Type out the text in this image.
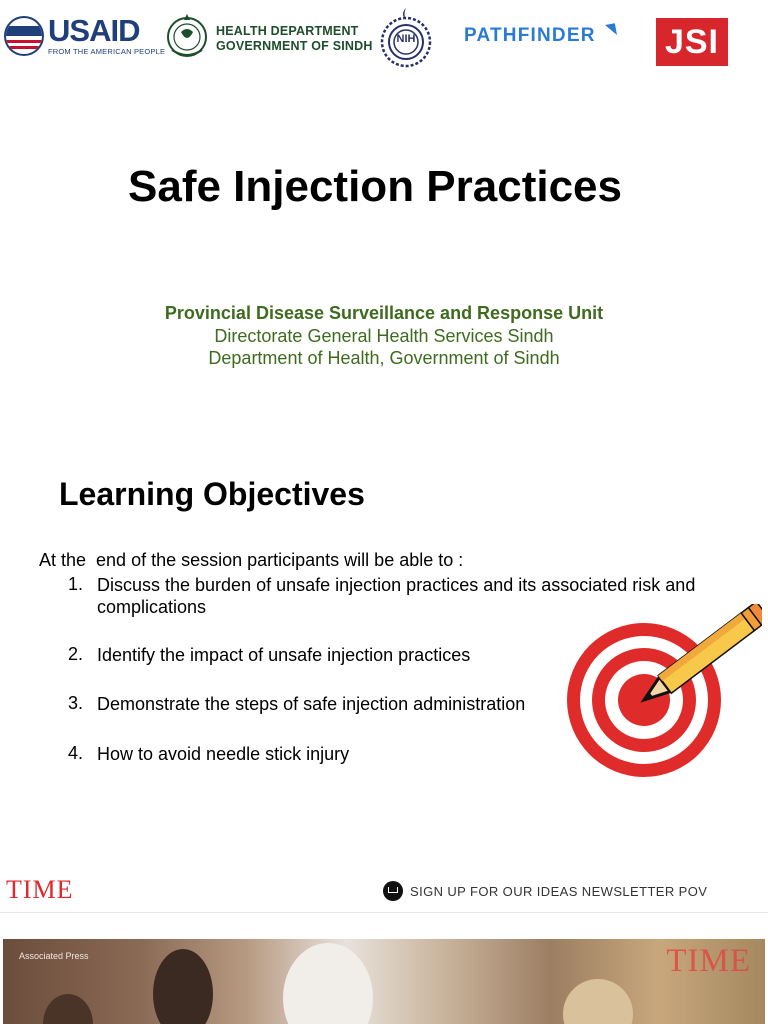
USAID
FROM THE AMERICAN PEOPLE
HEALTH DEPARTMENT
GOVERNMENT OF SINDH	NIH	PATHFINDER JSI
Safe Injection Practices
Provincial Disease Surveillance and Response Unit
Directorate General Health Services Sindh
Department of Health, Government of Sindh
Learning Objectives
At the  end of the session participants will be able to :
1. Discuss the burden of unsafe injection practices and its associated risk and complications
2. Identify the impact of unsafe injection practices
3. Demonstrate the steps of safe injection administration
4. How to avoid needle stick injury
TIME	SIGN UP FOR OUR IDEAS NEWSLETTER POV
Associated Press	TIME
